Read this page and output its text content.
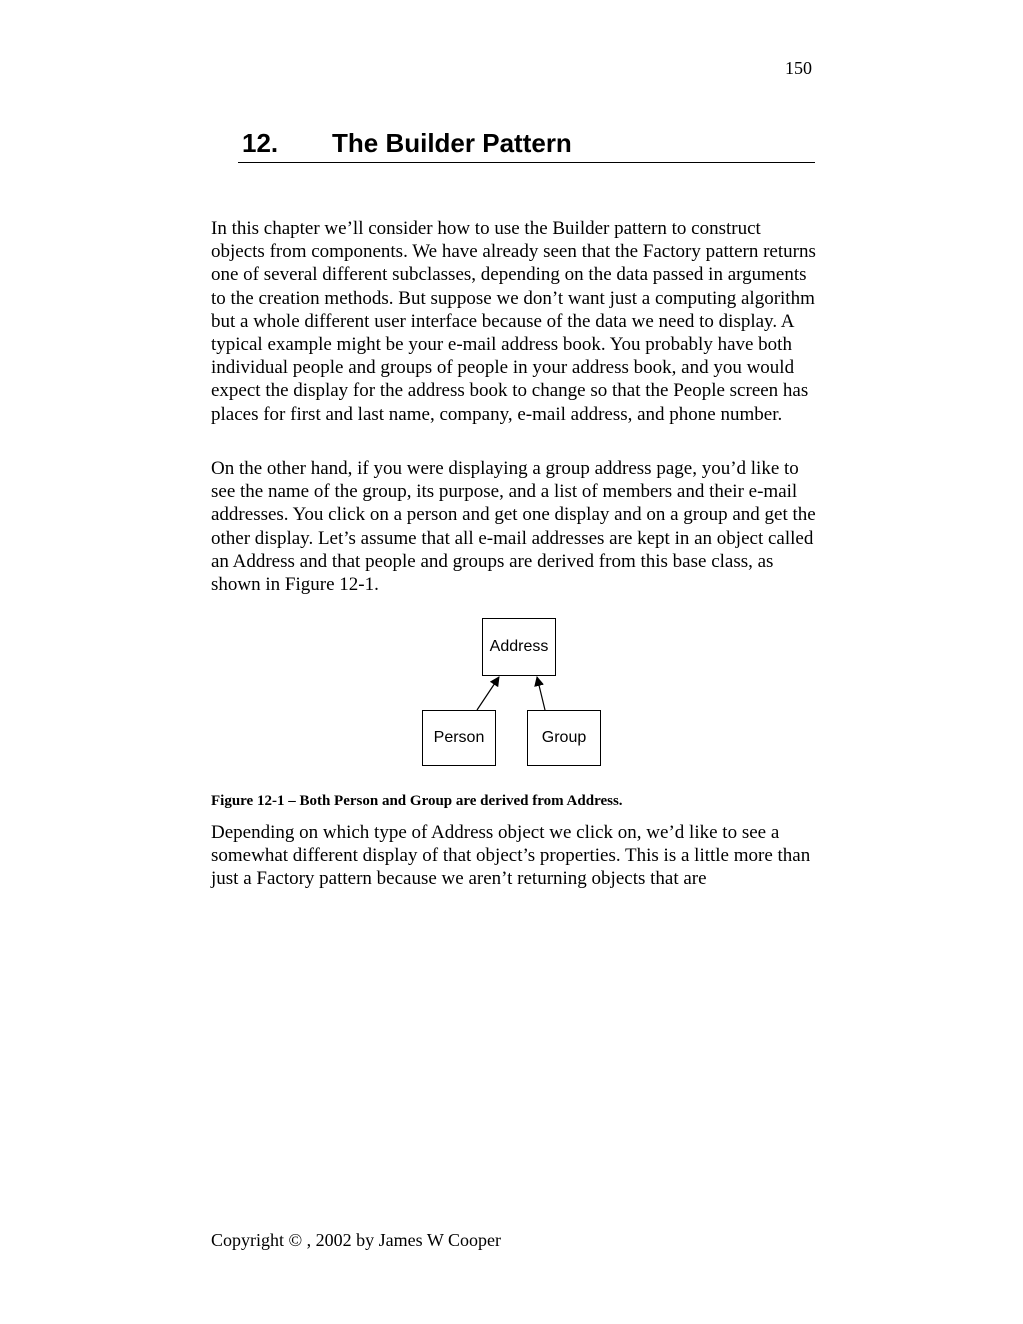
150
12. The Builder Pattern

In this chapter we’ll consider how to use the Builder pattern to construct objects from components. We have already seen that the Factory pattern returns one of several different subclasses, depending on the data passed in arguments to the creation methods. But suppose we don’t want just a computing algorithm but a whole different user interface because of the data we need to display. A typical example might be your e-mail address book. You probably have both individual people and groups of people in your address book, and you would expect the display for the address book to change so that the People screen has places for first and last name, company, e-mail address, and phone number.

On the other hand, if you were displaying a group address page, you’d like to see the name of the group, its purpose, and a list of members and their e-mail addresses. You click on a person and get one display and on a group and get the other display. Let’s assume that all e-mail addresses are kept in an object called an Address and that people and groups are derived from this base class, as shown in Figure 12-1.

Address
Person	Group
Figure 12-1 – Both Person and Group are derived from Address.

Depending on which type of Address object we click on, we’d like to see a somewhat different display of that object’s properties. This is a little more than just a Factory pattern because we aren’t returning objects that are

Copyright © , 2002 by James W Cooper
